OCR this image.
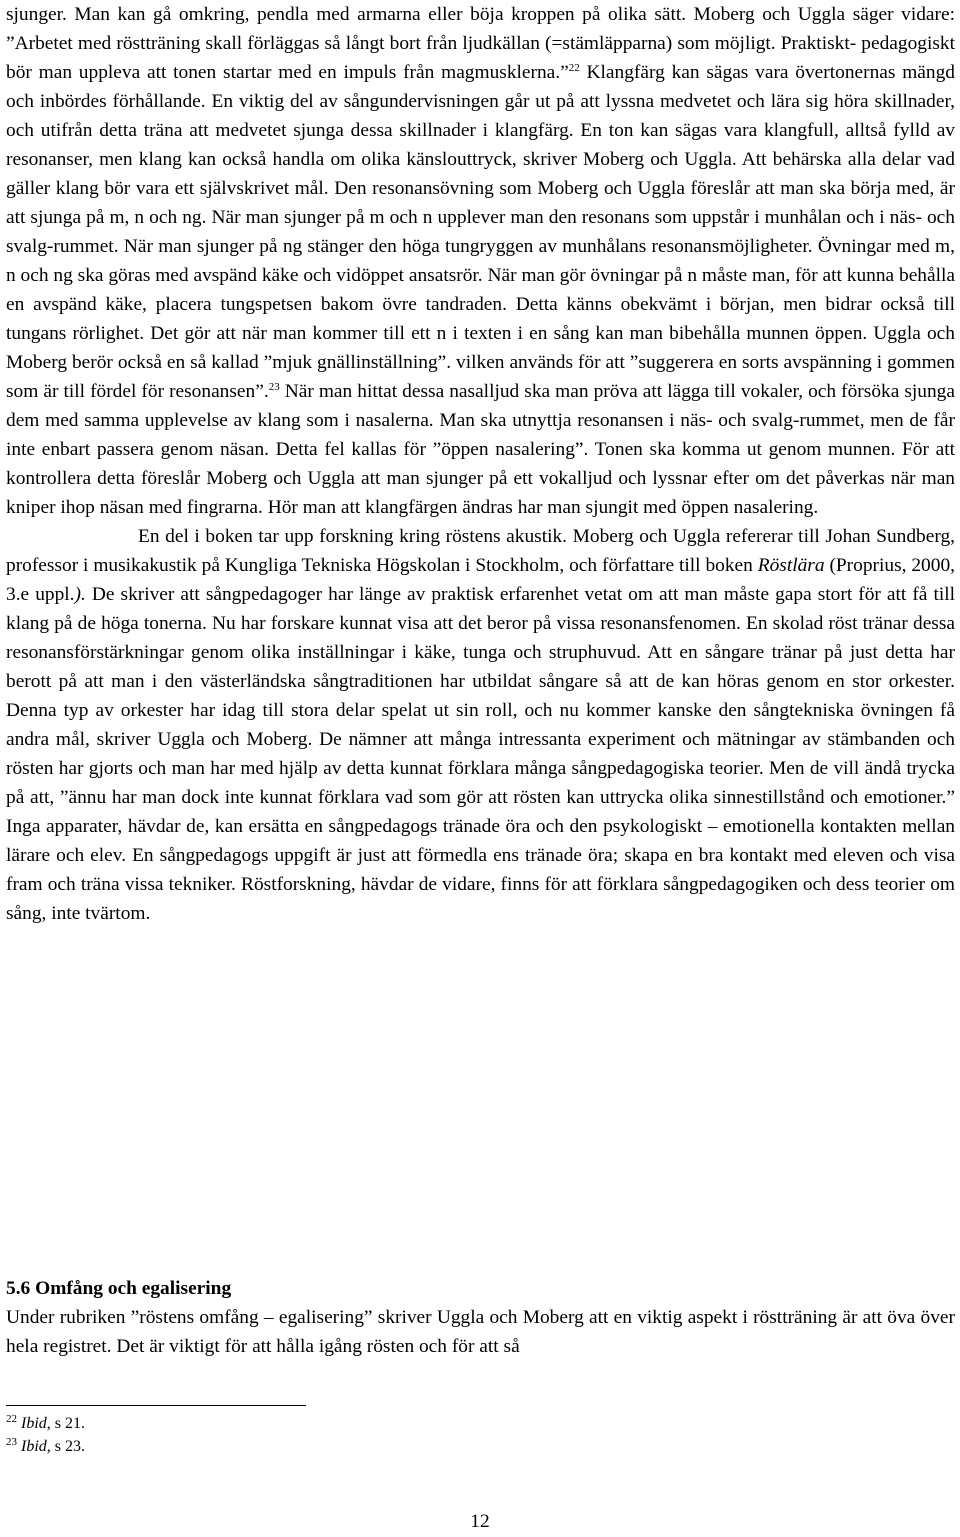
sjunger. Man kan gå omkring, pendla med armarna eller böja kroppen på olika sätt. Moberg och Uggla säger vidare: ”Arbetet med röstträning skall förläggas så långt bort från ljudkällan (=stämläpparna) som möjligt. Praktiskt- pedagogiskt bör man uppleva att tonen startar med en impuls från magmusklerna.”$^{22}$ Klangfärg kan sägas vara övertonernas mängd och inbördes förhållande. En viktig del av sångundervisningen går ut på att lyssna medvetet och lära sig höra skillnader, och utifrån detta träna att medvetet sjunga dessa skillnader i klangfärg. En ton kan sägas vara klangfull, alltså fylld av resonanser, men klang kan också handla om olika känslouttryck, skriver Moberg och Uggla. Att behärska alla delar vad gäller klang bör vara ett självskrivet mål. Den resonansövning som Moberg och Uggla föreslår att man ska börja med, är att sjunga på m, n och ng. När man sjunger på m och n upplever man den resonans som uppstår i munhålan och i näs- och svalg-rummet. När man sjunger på ng stänger den höga tungryggen av munhålans resonansmöjligheter. Övningar med m, n och ng ska göras med avspänd käke och vidöppet ansatsrör. När man gör övningar på n måste man, för att kunna behålla en avspänd käke, placera tungspetsen bakom övre tandraden. Detta känns obekvämt i början, men bidrar också till tungans rörlighet. Det gör att när man kommer till ett n i texten i en sång kan man bibehålla munnen öppen. Uggla och Moberg berör också en så kallad ”mjuk gnällinställning”. vilken används för att ”suggerera en sorts avspänning i gommen som är till fördel för resonansen”.$^{23}$ När man hittat dessa nasalljud ska man pröva att lägga till vokaler, och försöka sjunga dem med samma upplevelse av klang som i nasalerna. Man ska utnyttja resonansen i näs- och svalg-rummet, men de får inte enbart passera genom näsan. Detta fel kallas för ”öppen nasalering”. Tonen ska komma ut genom munnen. För att kontrollera detta föreslår Moberg och Uggla att man sjunger på ett vokalljud och lyssnar efter om det påverkas när man kniper ihop näsan med fingrarna. Hör man att klangfärgen ändras har man sjungit med öppen nasalering.

En del i boken tar upp forskning kring röstens akustik. Moberg och Uggla refererar till Johan Sundberg, professor i musikakustik på Kungliga Tekniska Högskolan i Stockholm, och författare till boken Röstlära (Proprius, 2000, 3.e uppl.). De skriver att sångpedagoger har länge av praktisk erfarenhet vetat om att man måste gapa stort för att få till klang på de höga tonerna. Nu har forskare kunnat visa att det beror på vissa resonansfenomen. En skolad röst tränar dessa resonansförstärkningar genom olika inställningar i käke, tunga och struphuvud. Att en sångare tränar på just detta har berott på att man i den västerländska sångtraditionen har utbildat sångare så att de kan höras genom en stor orkester. Denna typ av orkester har idag till stora delar spelat ut sin roll, och nu kommer kanske den sångtekniska övningen få andra mål, skriver Uggla och Moberg. De nämner att många intressanta experiment och mätningar av stämbanden och rösten har gjorts och man har med hjälp av detta kunnat förklara många sångpedagogiska teorier. Men de vill ändå trycka på att, ”ännu har man dock inte kunnat förklara vad som gör att rösten kan uttrycka olika sinnestillstånd och emotioner.” Inga apparater, hävdar de, kan ersätta en sångpedagogs tränade öra och den psykologiskt – emotionella kontakten mellan lärare och elev. En sångpedagogs uppgift är just att förmedla ens tränade öra; skapa en bra kontakt med eleven och visa fram och träna vissa tekniker. Röstforskning, hävdar de vidare, finns för att förklara sångpedagogiken och dess teorier om sång, inte tvärtom.

5.6 Omfång och egalisering

Under rubriken ”röstens omfång – egalisering” skriver Uggla och Moberg att en viktig aspekt i röstträning är att öva över hela registret. Det är viktigt för att hålla igång rösten och för att så

$^{22}$ Ibid, s 21.

$^{23}$ Ibid, s 23.

12
